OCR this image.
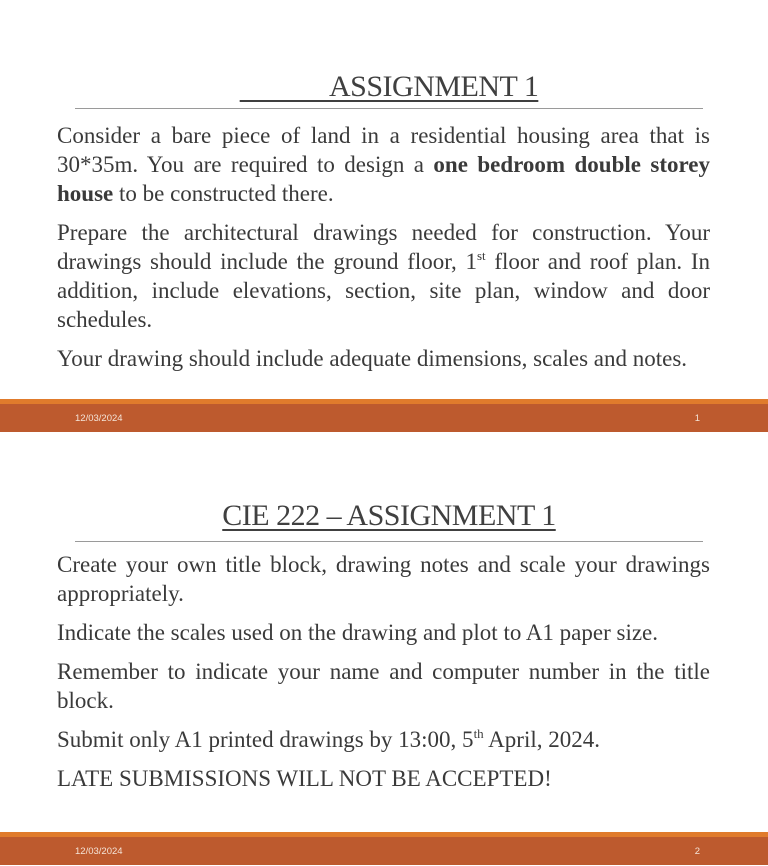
ASSIGNMENT 1

Consider a bare piece of land in a residential housing area that is 30*35m. You are required to design a one bedroom double storey house to be constructed there.

Prepare the architectural drawings needed for construction. Your drawings should include the ground floor, 1st floor and roof plan. In addition, include elevations, section, site plan, window and door schedules.

Your drawing should include adequate dimensions, scales and notes.

12/03/2024	1
CIE 222 – ASSIGNMENT 1

Create your own title block, drawing notes and scale your drawings appropriately.

Indicate the scales used on the drawing and plot to A1 paper size.

Remember to indicate your name and computer number in the title block.

Submit only A1 printed drawings by 13:00, 5th April, 2024.

LATE SUBMISSIONS WILL NOT BE ACCEPTED!

12/03/2024	2
